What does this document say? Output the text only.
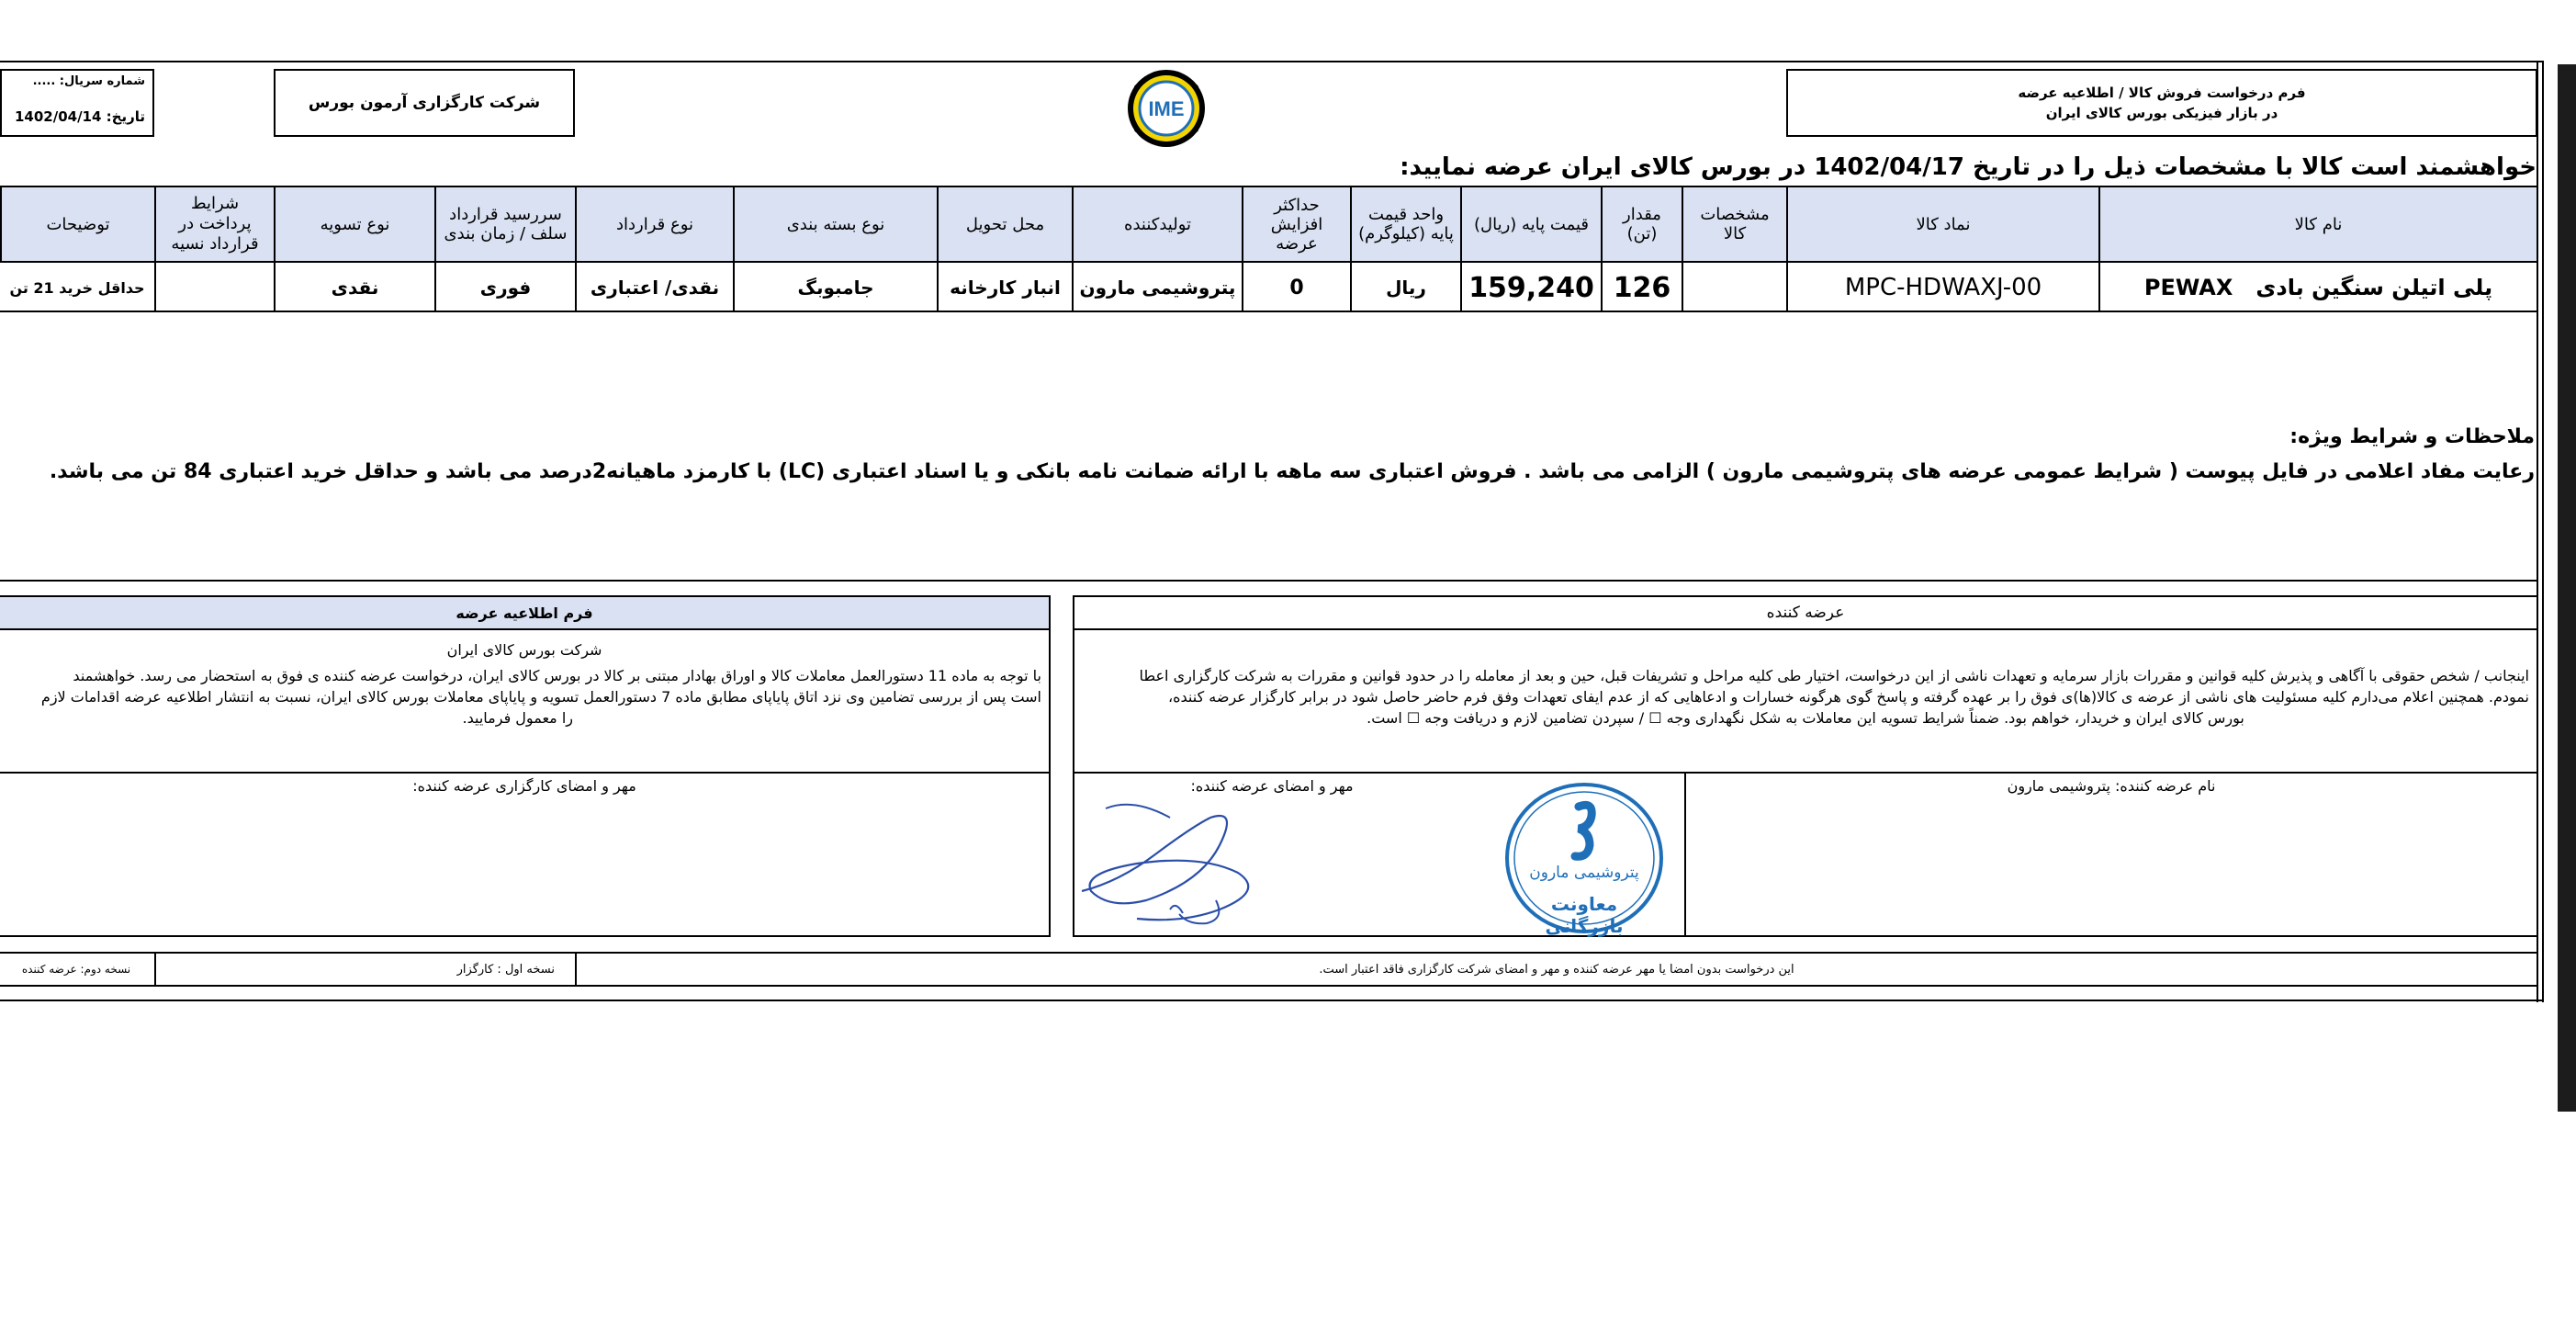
فرم درخواست فروش کالا / اطلاعیه عرضه
در بازار فیزیکی بورس کالای ایران
IME
شرکت کارگزاری آرمون بورس
شماره سریال: .....
تاریخ: 1402/04/14
خواهشمند است کالا با مشخصات ذیل را در تاریخ 1402/04/17 در بورس کالای ایران عرضه نمایید:
نام کالا
نماد کالا
مشخصات کالا
مقدار (تن)
قیمت پایه (ریال)
واحد قیمت پایه (کیلوگرم)
حداکثر افزایش عرضه
تولیدکننده
محل تحویل
نوع بسته بندی
نوع قرارداد
سررسید قرارداد سلف / زمان بندی
نوع تسویه
شرایط پرداخت در قرارداد نسیه
توضیحات
پلی اتیلن سنگین بادی   PEWAX
MPC-HDWAXJ-00
126
159,240
ریال
0
پتروشیمی مارون
انبار کارخانه
جامبوبگ
نقدی/ اعتباری
فوری
نقدی
حداقل خرید 21 تن
ملاحظات و شرایط ویژه:
رعایت مفاد اعلامی در فایل پیوست ( شرایط عمومی عرضه های پتروشیمی مارون ) الزامی می باشد . فروش اعتباری سه ماهه با ارائه ضمانت نامه بانکی و یا اسناد اعتباری (LC) با کارمزد ماهیانه2درصد می باشد و حداقل خرید اعتباری 84 تن می باشد.
عرضه کننده
اینجانب / شخص حقوقی با آگاهی و پذیرش کلیه قوانین و مقررات بازار سرمایه و تعهدات ناشی از این درخواست، اختیار طی کلیه مراحل و تشریفات قبل، حین و بعد از معامله را در حدود قوانین و مقررات به شرکت کارگزاری اعطا
نمودم. همچنین اعلام می‌دارم کلیه مسئولیت های ناشی از عرضه ی کالا(ها)ی فوق را بر عهده گرفته و پاسخ گوی هرگونه خسارات و ادعاهایی که از عدم ایفای تعهدات وفق فرم حاضر حاصل شود در برابر کارگزار عرضه کننده،
بورس کالای ایران و خریدار، خواهم بود. ضمناً شرایط تسویه این معاملات به شکل نگهداری وجه ☐ / سپردن تضامین لازم و دریافت وجه ☐ است.
نام عرضه کننده: پتروشیمی مارون
مهر و امضای عرضه کننده:
پتروشیمی مارون
معاونت بازرگانی
فرم اطلاعیه عرضه
شرکت بورس کالای ایران
با توجه به ماده 11 دستورالعمل معاملات کالا و اوراق بهادار مبتنی بر کالا در بورس کالای ایران، درخواست عرضه کننده ی فوق به استحضار می رسد. خواهشمند
است پس از بررسی تضامین وی نزد اتاق پایاپای مطابق ماده 7 دستورالعمل تسویه و پایاپای معاملات بورس کالای ایران، نسبت به انتشار اطلاعیه عرضه اقدامات لازم
را معمول فرمایید.
مهر و امضای کارگزاری عرضه کننده:
این درخواست بدون امضا یا مهر عرضه کننده و مهر و امضای شرکت کارگزاری فاقد اعتبار است.
نسخه اول : کارگزار
نسخه دوم: عرضه کننده
